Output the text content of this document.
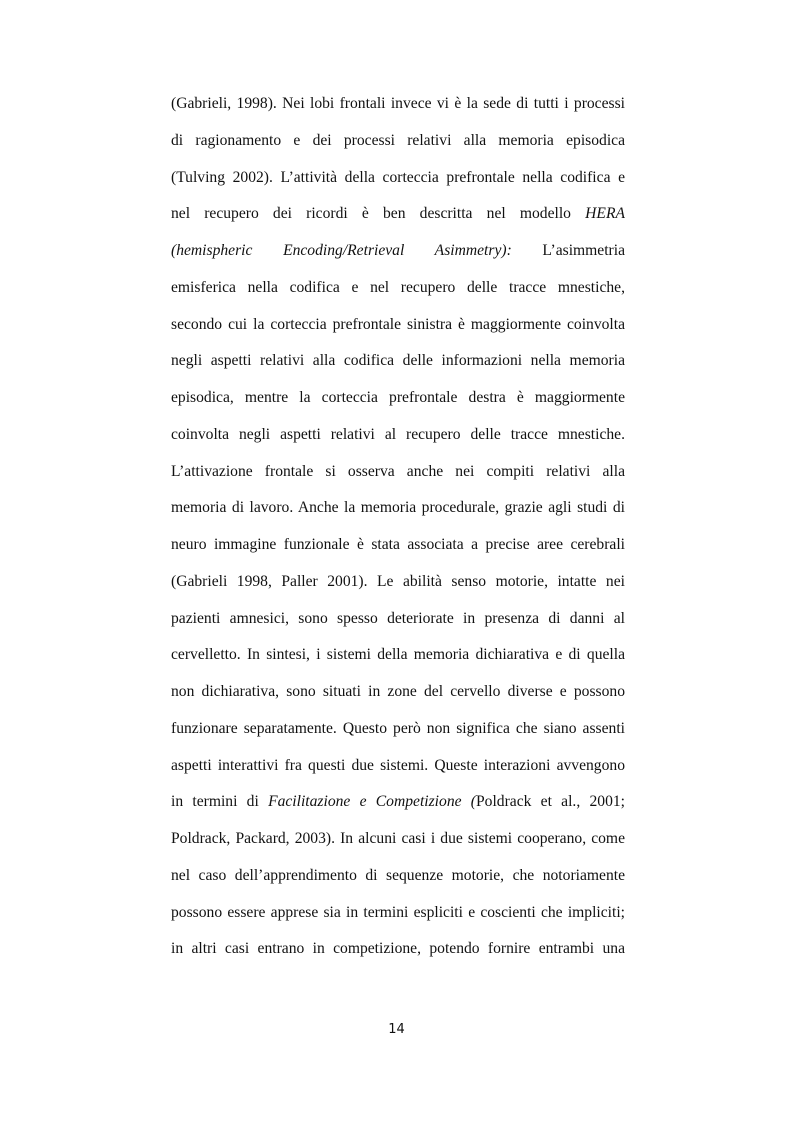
(Gabrieli, 1998). Nei lobi frontali invece vi è la sede di tutti i processi
di ragionamento e dei processi relativi alla memoria episodica
(Tulving 2002). L’attività della corteccia prefrontale nella codifica e
nel recupero dei ricordi è ben descritta nel modello HERA
(hemispheric Encoding/Retrieval Asimmetry): L’asimmetria
emisferica nella codifica e nel recupero delle tracce mnestiche,
secondo cui la corteccia prefrontale sinistra è maggiormente coinvolta
negli aspetti relativi alla codifica delle informazioni nella memoria
episodica, mentre la corteccia prefrontale destra è maggiormente
coinvolta negli aspetti relativi al recupero delle tracce mnestiche.
L’attivazione frontale si osserva anche nei compiti relativi alla
memoria di lavoro. Anche la memoria procedurale, grazie agli studi di
neuro immagine funzionale è stata associata a precise aree cerebrali
(Gabrieli 1998, Paller 2001). Le abilità senso motorie, intatte nei
pazienti amnesici, sono spesso deteriorate in presenza di danni al
cervelletto. In sintesi, i sistemi della memoria dichiarativa e di quella
non dichiarativa, sono situati in zone del cervello diverse e possono
funzionare separatamente. Questo però non significa che siano assenti
aspetti interattivi fra questi due sistemi. Queste interazioni avvengono
in termini di Facilitazione e Competizione (Poldrack et al., 2001;
Poldrack, Packard, 2003). In alcuni casi i due sistemi cooperano, come
nel caso dell’apprendimento di sequenze motorie, che notoriamente
possono essere apprese sia in termini espliciti e coscienti che impliciti;
in altri casi entrano in competizione, potendo fornire entrambi una
14
